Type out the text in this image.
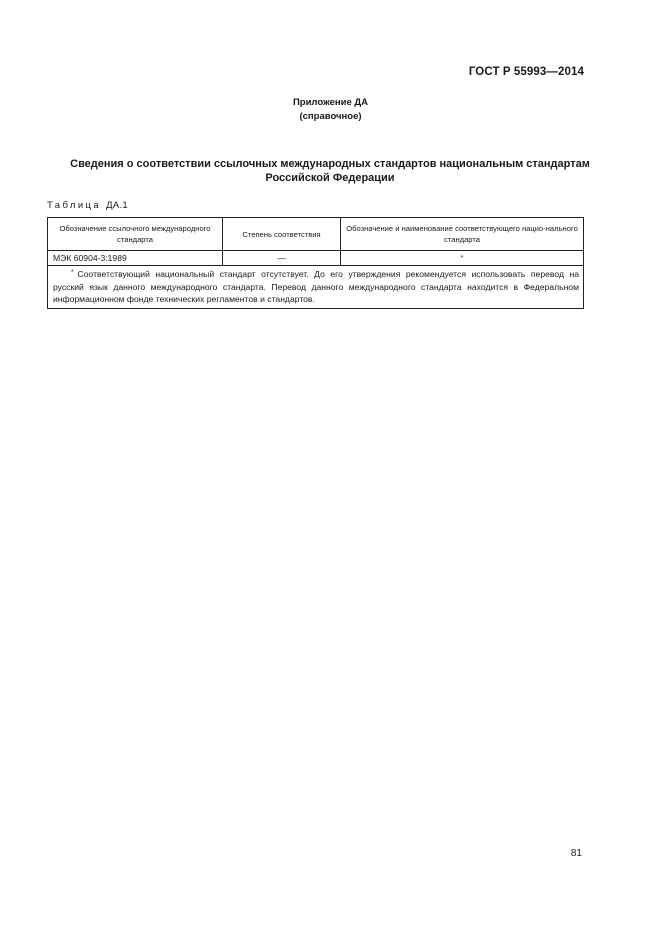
ГОСТ Р 55993—2014
Приложение ДА
(справочное)
Сведения о соответствии ссылочных международных стандартов национальным стандартам
Российской Федерации
Таблица ДА.1
Обозначение ссылочного международного стандарта	Степень соответствия	Обозначение и наименование соответствующего нацио-нального стандарта
МЭК 60904-3:1989	—	*
* Соответствующий национальный стандарт отсутствует. До его утверждения рекомендуется использовать перевод на русский язык данного международного стандарта. Перевод данного международного стандарта находится в Федеральном информационном фонде технических регламентов и стандартов.		
81
